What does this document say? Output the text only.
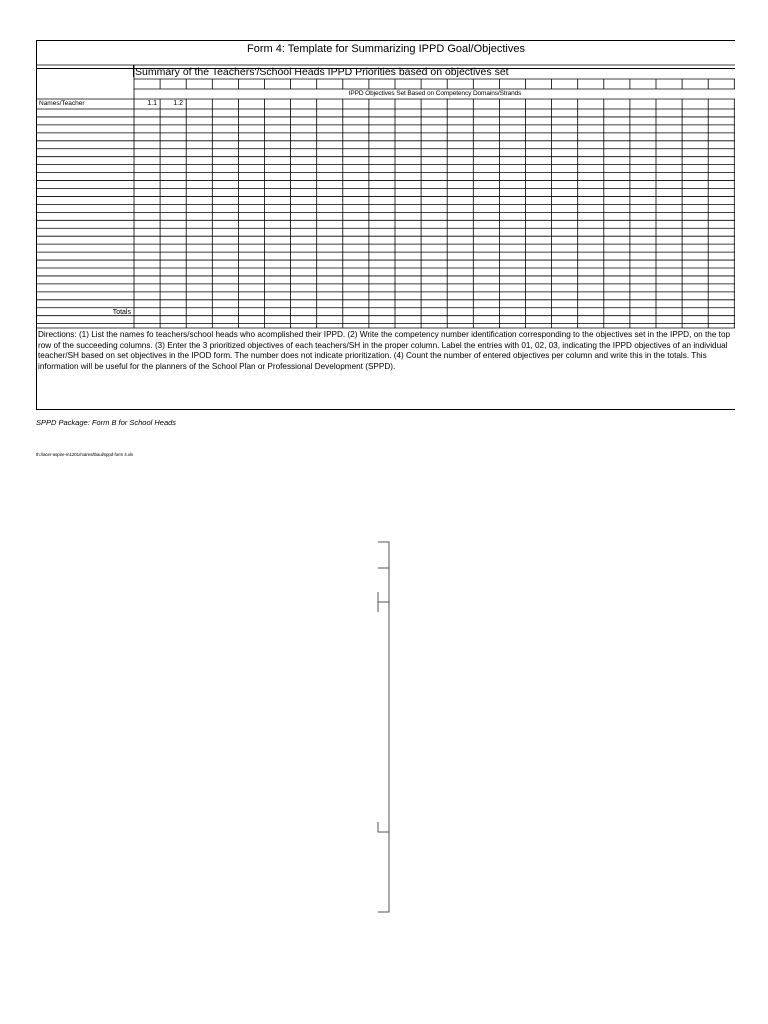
Form 4: Template for Summarizing IPPD Goal/Objectives
Summary of the Teachers'/School Heads IPPD Priorities based on objectives set
IPPD Objectives Set Based on Competency Domains/Strands
Names/Teacher	1.1	1.2
Totals
Directions: (1) List the names fo teachers/school heads who acomplished their IPPD. (2) Write the competency number identification corresponding to the objectives set in the IPPD, on the top row of the succeeding columns. (3) Enter the 3 prioritized objectives of each teachers/SH in the proper column. Label the entries with 01, 02, 03, indicating the IPPD objectives of an individual teacher/SH based on set objectives in the IPOD form. The number does not indicate prioritization. (4) Count the number of entered objectives per column and write this in the totals. This information will be useful for the planners of the School Plan or Professional Development (SPPD).
SPPD Package: Form B for School Heads
th://acer-aspire-m1201/mares/tbaul/sppd-form 4.xls
